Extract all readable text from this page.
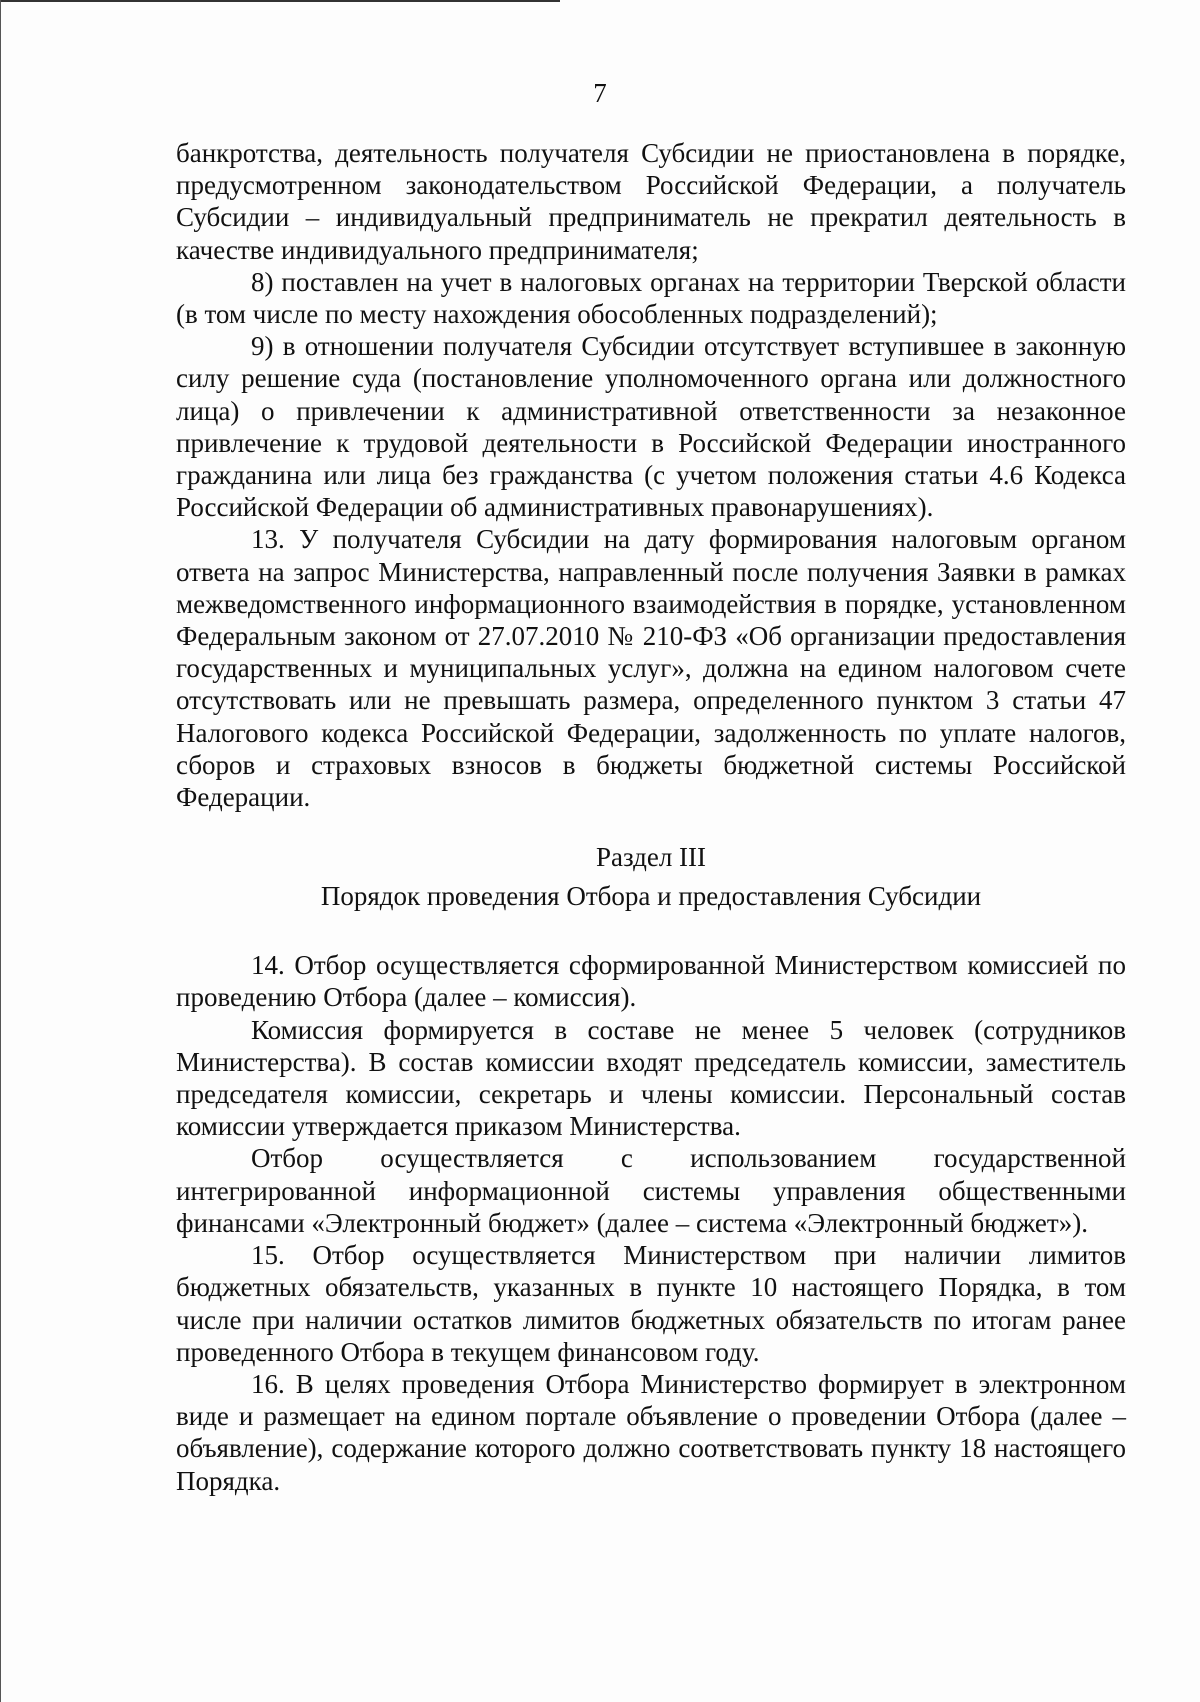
7

банкротства, деятельность получателя Субсидии не приостановлена в порядке, предусмотренном законодательством Российской Федерации, а получатель Субсидии – индивидуальный предприниматель не прекратил деятельность в качестве индивидуального предпринимателя;

8) поставлен на учет в налоговых органах на территории Тверской области (в том числе по месту нахождения обособленных подразделений);

9) в отношении получателя Субсидии отсутствует вступившее в законную силу решение суда (постановление уполномоченного органа или должностного лица) о привлечении к административной ответственности за незаконное привлечение к трудовой деятельности в Российской Федерации иностранного гражданина или лица без гражданства (с учетом положения статьи 4.6 Кодекса Российской Федерации об административных правонарушениях).

13. У получателя Субсидии на дату формирования налоговым органом ответа на запрос Министерства, направленный после получения Заявки в рамках межведомственного информационного взаимодействия в порядке, установленном Федеральным законом от 27.07.2010 № 210-ФЗ «Об организации предоставления государственных и муниципальных услуг», должна на едином налоговом счете отсутствовать или не превышать размера, определенного пунктом 3 статьи 47 Налогового кодекса Российской Федерации, задолженность по уплате налогов, сборов и страховых взносов в бюджеты бюджетной системы Российской Федерации.

Раздел III
Порядок проведения Отбора и предоставления Субсидии

14. Отбор осуществляется сформированной Министерством комиссией по проведению Отбора (далее – комиссия).

Комиссия формируется в составе не менее 5 человек (сотрудников Министерства). В состав комиссии входят председатель комиссии, заместитель председателя комиссии, секретарь и члены комиссии. Персональный состав комиссии утверждается приказом Министерства.

Отбор осуществляется с использованием государственной интегрированной информационной системы управления общественными финансами «Электронный бюджет» (далее – система «Электронный бюджет»).

15. Отбор осуществляется Министерством при наличии лимитов бюджетных обязательств, указанных в пункте 10 настоящего Порядка, в том числе при наличии остатков лимитов бюджетных обязательств по итогам ранее проведенного Отбора в текущем финансовом году.

16. В целях проведения Отбора Министерство формирует в электронном виде и размещает на едином портале объявление о проведении Отбора (далее – объявление), содержание которого должно соответствовать пункту 18 настоящего Порядка.
